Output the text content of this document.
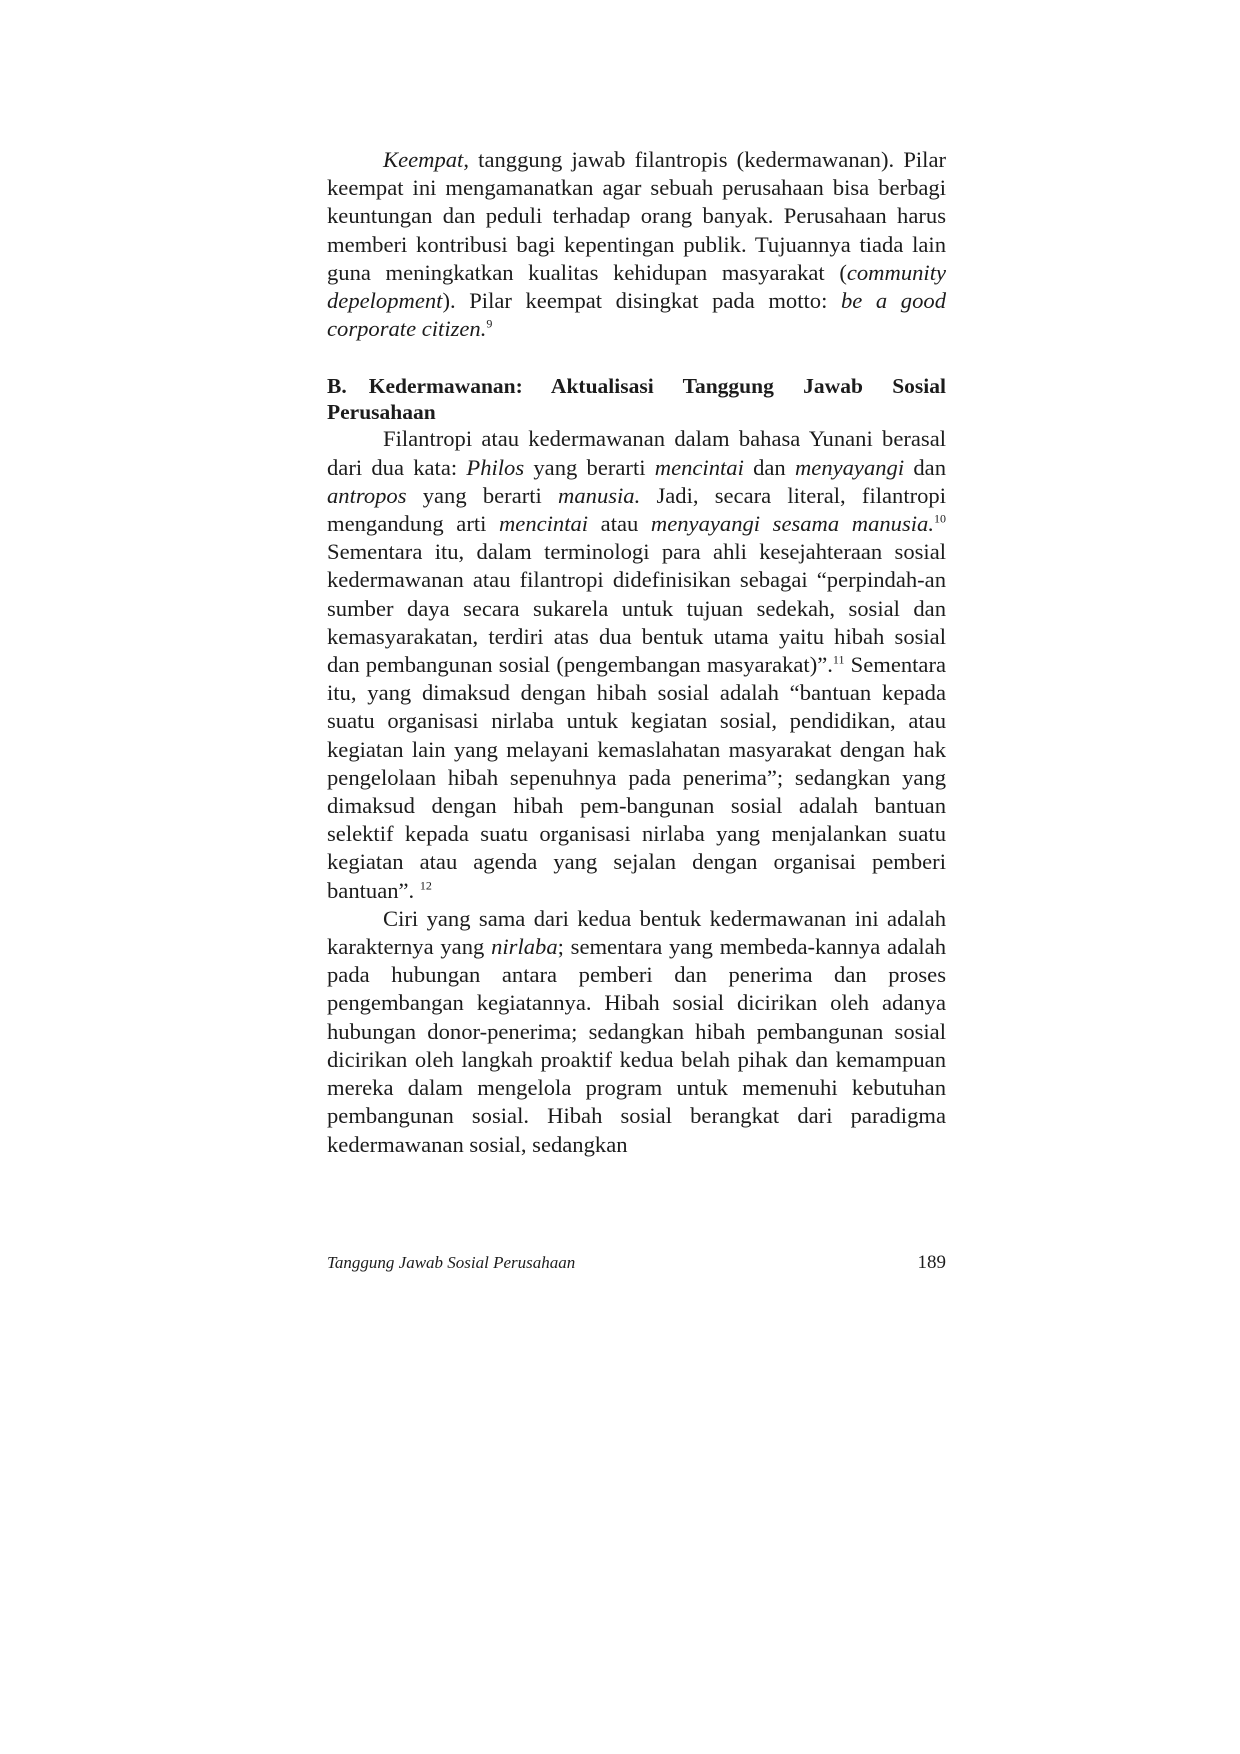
Keempat, tanggung jawab filantropis (kedermawanan). Pilar keempat ini mengamanatkan agar sebuah perusahaan bisa berbagi keuntungan dan peduli terhadap orang banyak. Perusahaan harus memberi kontribusi bagi kepentingan publik. Tujuannya tiada lain guna meningkatkan kualitas kehidupan masyarakat (community depelopment). Pilar keempat disingkat pada motto: be a good corporate citizen.$^9$

B. Kedermawanan: Aktualisasi Tanggung Jawab Sosial
Perusahaan

Filantropi atau kedermawanan dalam bahasa Yunani berasal dari dua kata: Philos yang berarti mencintai dan menyayangi dan antropos yang berarti manusia. Jadi, secara literal, filantropi mengandung arti mencintai atau menyayangi sesama manusia.$^{10}$ Sementara itu, dalam terminologi para ahli kesejahteraan sosial kedermawanan atau filantropi didefinisikan sebagai “perpindah-an sumber daya secara sukarela untuk tujuan sedekah, sosial dan kemasyarakatan, terdiri atas dua bentuk utama yaitu hibah sosial dan pembangunan sosial (pengembangan masyarakat)”.$^{11}$ Sementara itu, yang dimaksud dengan hibah sosial adalah “bantuan kepada suatu organisasi nirlaba untuk kegiatan sosial, pendidikan, atau kegiatan lain yang melayani kemaslahatan masyarakat dengan hak pengelolaan hibah sepenuhnya pada penerima”; sedangkan yang dimaksud dengan hibah pem-bangunan sosial adalah bantuan selektif kepada suatu organisasi nirlaba yang menjalankan suatu kegiatan atau agenda yang sejalan dengan organisai pemberi bantuan”. $^{12}$

Ciri yang sama dari kedua bentuk kedermawanan ini adalah karakternya yang nirlaba; sementara yang membeda-kannya adalah pada hubungan antara pemberi dan penerima dan proses pengembangan kegiatannya. Hibah sosial dicirikan oleh adanya hubungan donor-penerima; sedangkan hibah pembangunan sosial dicirikan oleh langkah proaktif kedua belah pihak dan kemampuan mereka dalam mengelola program untuk memenuhi kebutuhan pembangunan sosial. Hibah sosial berangkat dari paradigma kedermawanan sosial, sedangkan

Tanggung Jawab Sosial Perusahaan	189
